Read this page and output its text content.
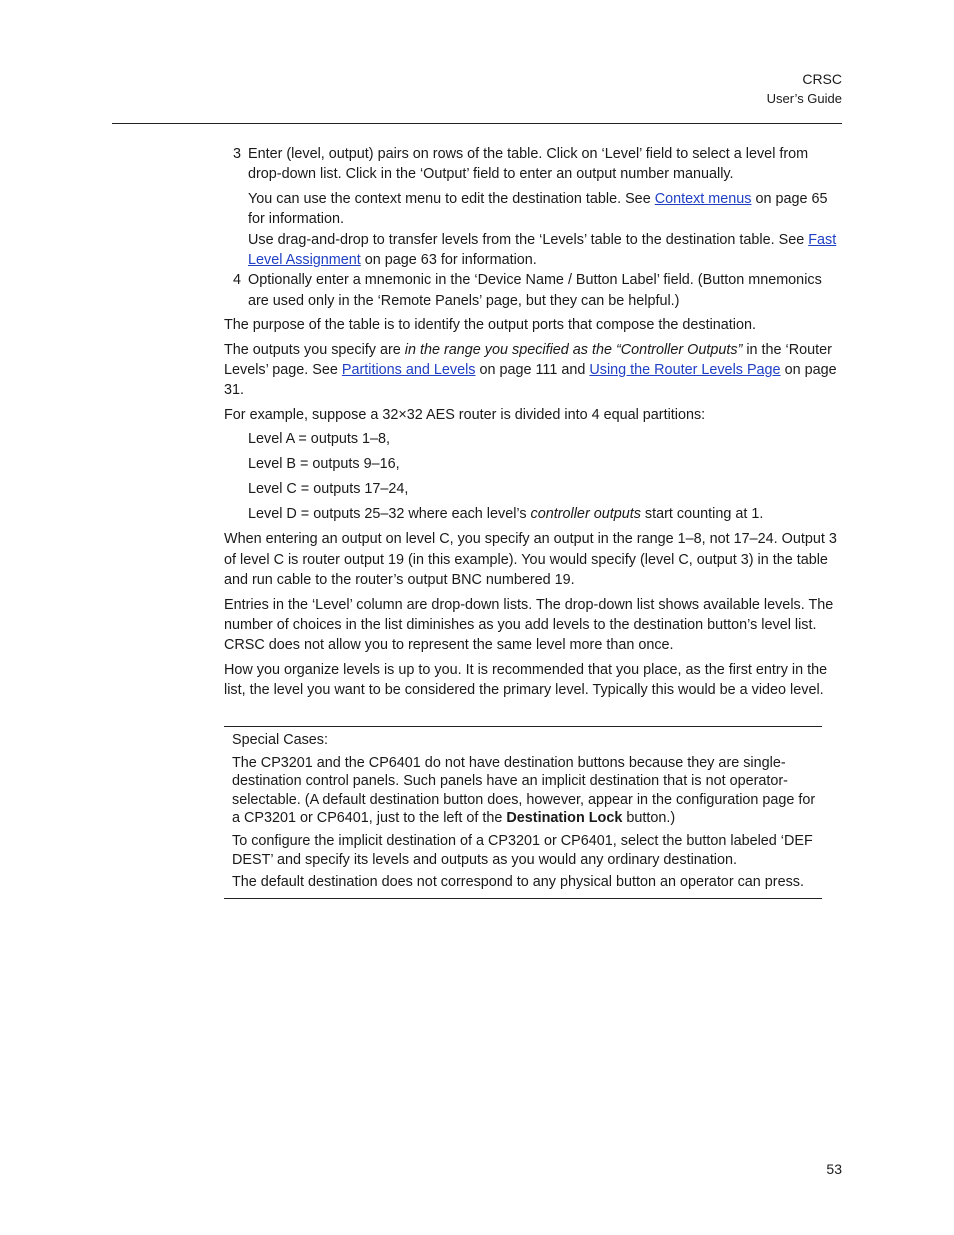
CRSC
User’s Guide
3 Enter (level, output) pairs on rows of the table. Click on ‘Level’ field to select a level from drop-down list. Click in the ‘Output’ field to enter an output number manually.

You can use the context menu to edit the destination table. See Context menus on page 65 for information.

Use drag-and-drop to transfer levels from the ‘Levels’ table to the destination table. See Fast Level Assignment on page 63 for information.

4 Optionally enter a mnemonic in the ‘Device Name / Button Label’ field. (Button mnemonics are used only in the ‘Remote Panels’ page, but they can be helpful.)

The purpose of the table is to identify the output ports that compose the destination.

The outputs you specify are in the range you specified as the “Controller Outputs” in the ‘Router Levels’ page. See Partitions and Levels on page 111 and Using the Router Levels Page on page 31.

For example, suppose a 32×32 AES router is divided into 4 equal partitions:

Level A = outputs 1–8,

Level B = outputs 9–16,

Level C = outputs 17–24,

Level D = outputs 25–32 where each level’s controller outputs start counting at 1.

When entering an output on level C, you specify an output in the range 1–8, not 17–24. Output 3 of level C is router output 19 (in this example). You would specify (level C, output 3) in the table and run cable to the router’s output BNC numbered 19.

Entries in the ‘Level’ column are drop-down lists. The drop-down list shows available levels. The number of choices in the list diminishes as you add levels to the destination button’s level list. CRSC does not allow you to represent the same level more than once.

How you organize levels is up to you. It is recommended that you place, as the first entry in the list, the level you want to be considered the primary level. Typically this would be a video level.

Special Cases:

The CP3201 and the CP6401 do not have destination buttons because they are single-destination control panels. Such panels have an implicit destination that is not operator-selectable. (A default destination button does, however, appear in the configuration page for a CP3201 or CP6401, just to the left of the Destination Lock button.)

To configure the implicit destination of a CP3201 or CP6401, select the button labeled ‘DEF DEST’ and specify its levels and outputs as you would any ordinary destination.

The default destination does not correspond to any physical button an operator can press.

53
